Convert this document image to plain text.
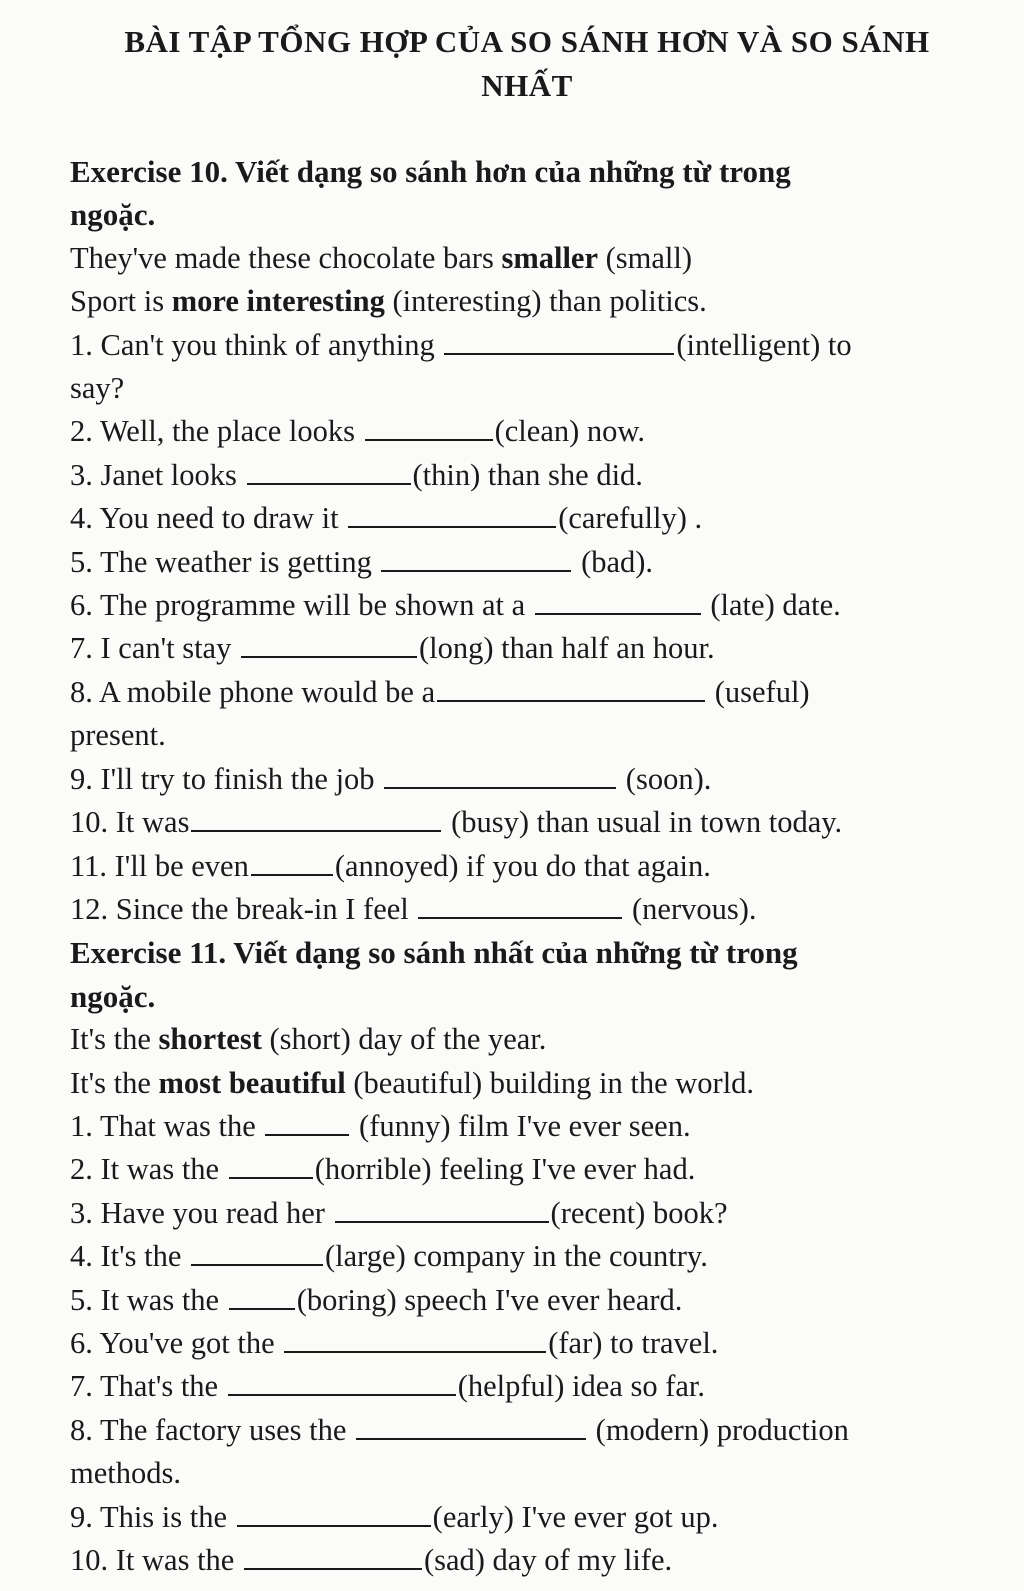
BÀI TẬP TỔNG HỢP CỦA SO SÁNH HƠN VÀ SO SÁNH
NHẤT
Exercise 10. Viết dạng so sánh hơn của những từ trong
ngoặc.
They've made these chocolate bars smaller (small)
Sport is more interesting (interesting) than politics.
1. Can't you think of anything	(intelligent) to
say?
2. Well, the place looks	(clean) now.
3. Janet looks	(thin) than she did.
4. You need to draw it	(carefully) .
5. The weather is getting	(bad).
6. The programme will be shown at a	(late) date.
7. I can't stay	(long) than half an hour.
8. A mobile phone would be a	(useful)
present.
9. I'll try to finish the job	(soon).
10. It was	(busy) than usual in town today.
11. I'll be even	(annoyed) if you do that again.
12. Since the break-in I feel	(nervous).
Exercise 11. Viết dạng so sánh nhất của những từ trong
ngoặc.
It's the shortest (short) day of the year.
It's the most beautiful (beautiful) building in the world.
1. That was the	(funny) film I've ever seen.
2. It was the	(horrible) feeling I've ever had.
3. Have you read her	(recent) book?
4. It's the	(large) company in the country.
5. It was the (boring) speech I've ever heard.
6. You've got the	(far) to travel.
7. That's the	(helpful) idea so far.
8. The factory uses the	(modern) production
methods.
9. This is the	(early) I've ever got up.
10. It was the	(sad) day of my life.
